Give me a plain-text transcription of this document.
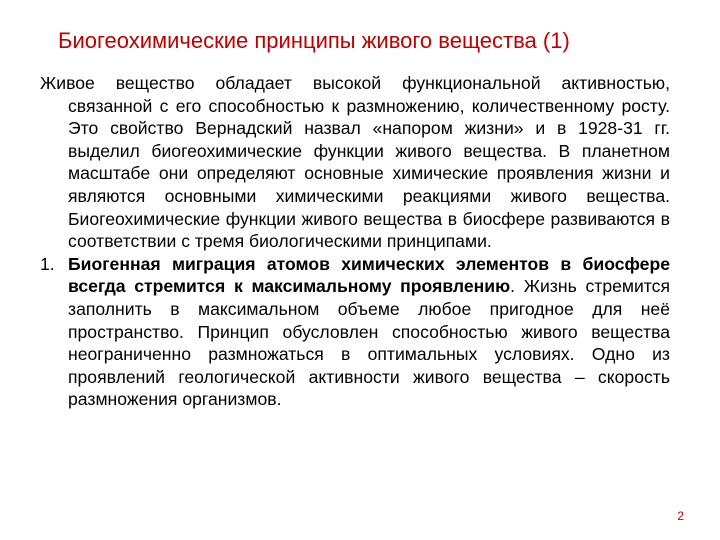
Биогеохимические принципы живого вещества (1)
Живое вещество обладает высокой функциональной активностью, связанной с его способностью к размножению, количественному росту. Это свойство Вернадский назвал «напором жизни» и в 1928-31 гг. выделил биогеохимические функции живого вещества. В планетном масштабе они определяют основные химические проявления жизни и являются основными химическими реакциями живого вещества. Биогеохимические функции живого вещества в биосфере развиваются в соответствии с тремя биологическими принципами.
1. Биогенная миграция атомов химических элементов в биосфере всегда стремится к максимальному проявлению. Жизнь стремится заполнить в максимальном объеме любое пригодное для неё пространство. Принцип обусловлен способностью живого вещества неограниченно размножаться в оптимальных условиях. Одно из проявлений геологической активности живого вещества – скорость размножения организмов.
2
